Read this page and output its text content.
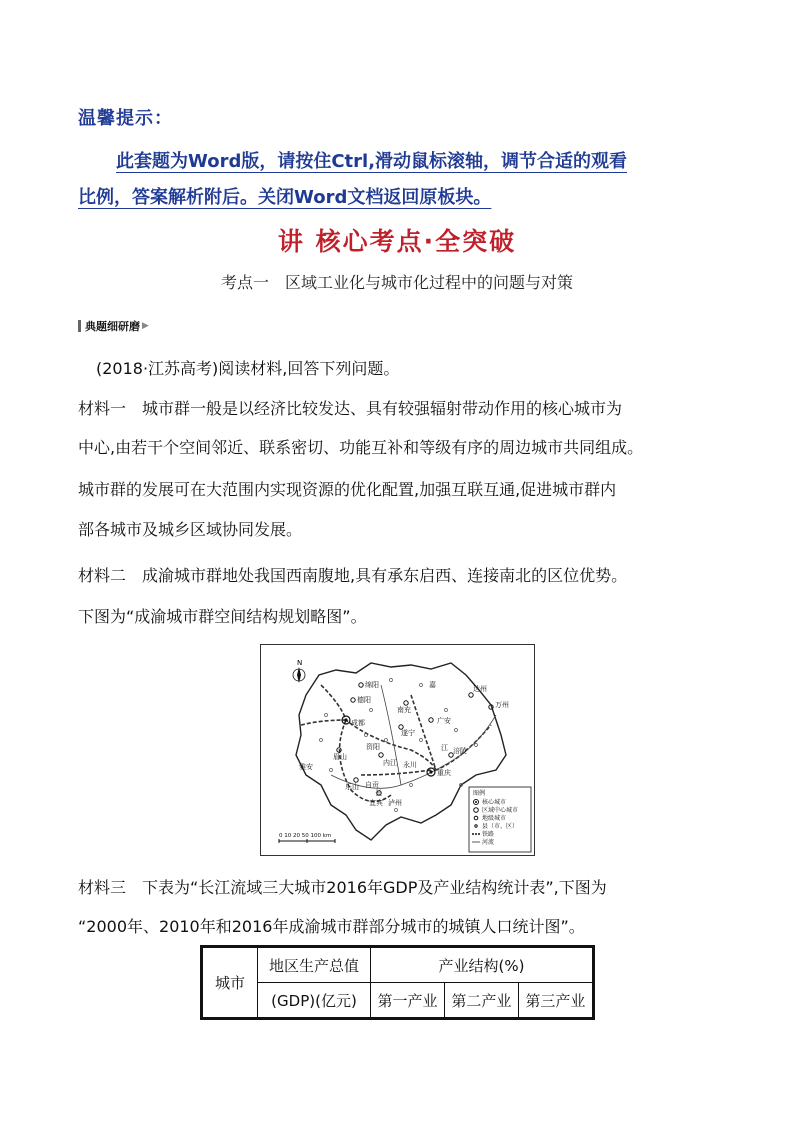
温馨提示：
此套题为Word版，请按住Ctrl,滑动鼠标滚轴，调节合适的观看
比例，答案解析附后。关闭Word文档返回原板块。
讲 核心考点·全突破
考点一　区域工业化与城市化过程中的问题与对策
典题细研磨 ▶
(2018·江苏高考)阅读材料,回答下列问题。
材料一　城市群一般是以经济比较发达、具有较强辐射带动作用的核心城市为
中心,由若干个空间邻近、联系密切、功能互补和等级有序的周边城市共同组成。
城市群的发展可在大范围内实现资源的优化配置,加强互联互通,促进城市群内
部各城市及城乡区域协同发展。
材料二　成渝城市群地处我国西南腹地,具有承东启西、连接南北的区位优势。
下图为“成渝城市群空间结构规划略图”。
绵阳
德阳
成都
眉山
雅安
乐山
资阳
遂宁
南充
广安
达州
万州
涪陵
重庆
内江 永川
自贡
宜宾 泸州
嘉
江
长
N
图例
核心城市
区域中心城市
地级城市
县（市、区）
铁路
河流
0 10 20 50 100 km
材料三　下表为“长江流域三大城市2016年GDP及产业结构统计表”,下图为
“2000年、2010年和2016年成渝城市群部分城市的城镇人口统计图”。
城市	地区生产总值	产业结构(%)		
	(GDP)(亿元)	第一产业	第二产业	第三产业
